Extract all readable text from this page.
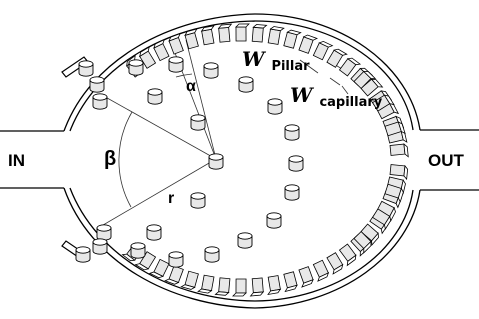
IN	OUT
α
β
r
W $_{Pillar}$
W $_{capillary}$
